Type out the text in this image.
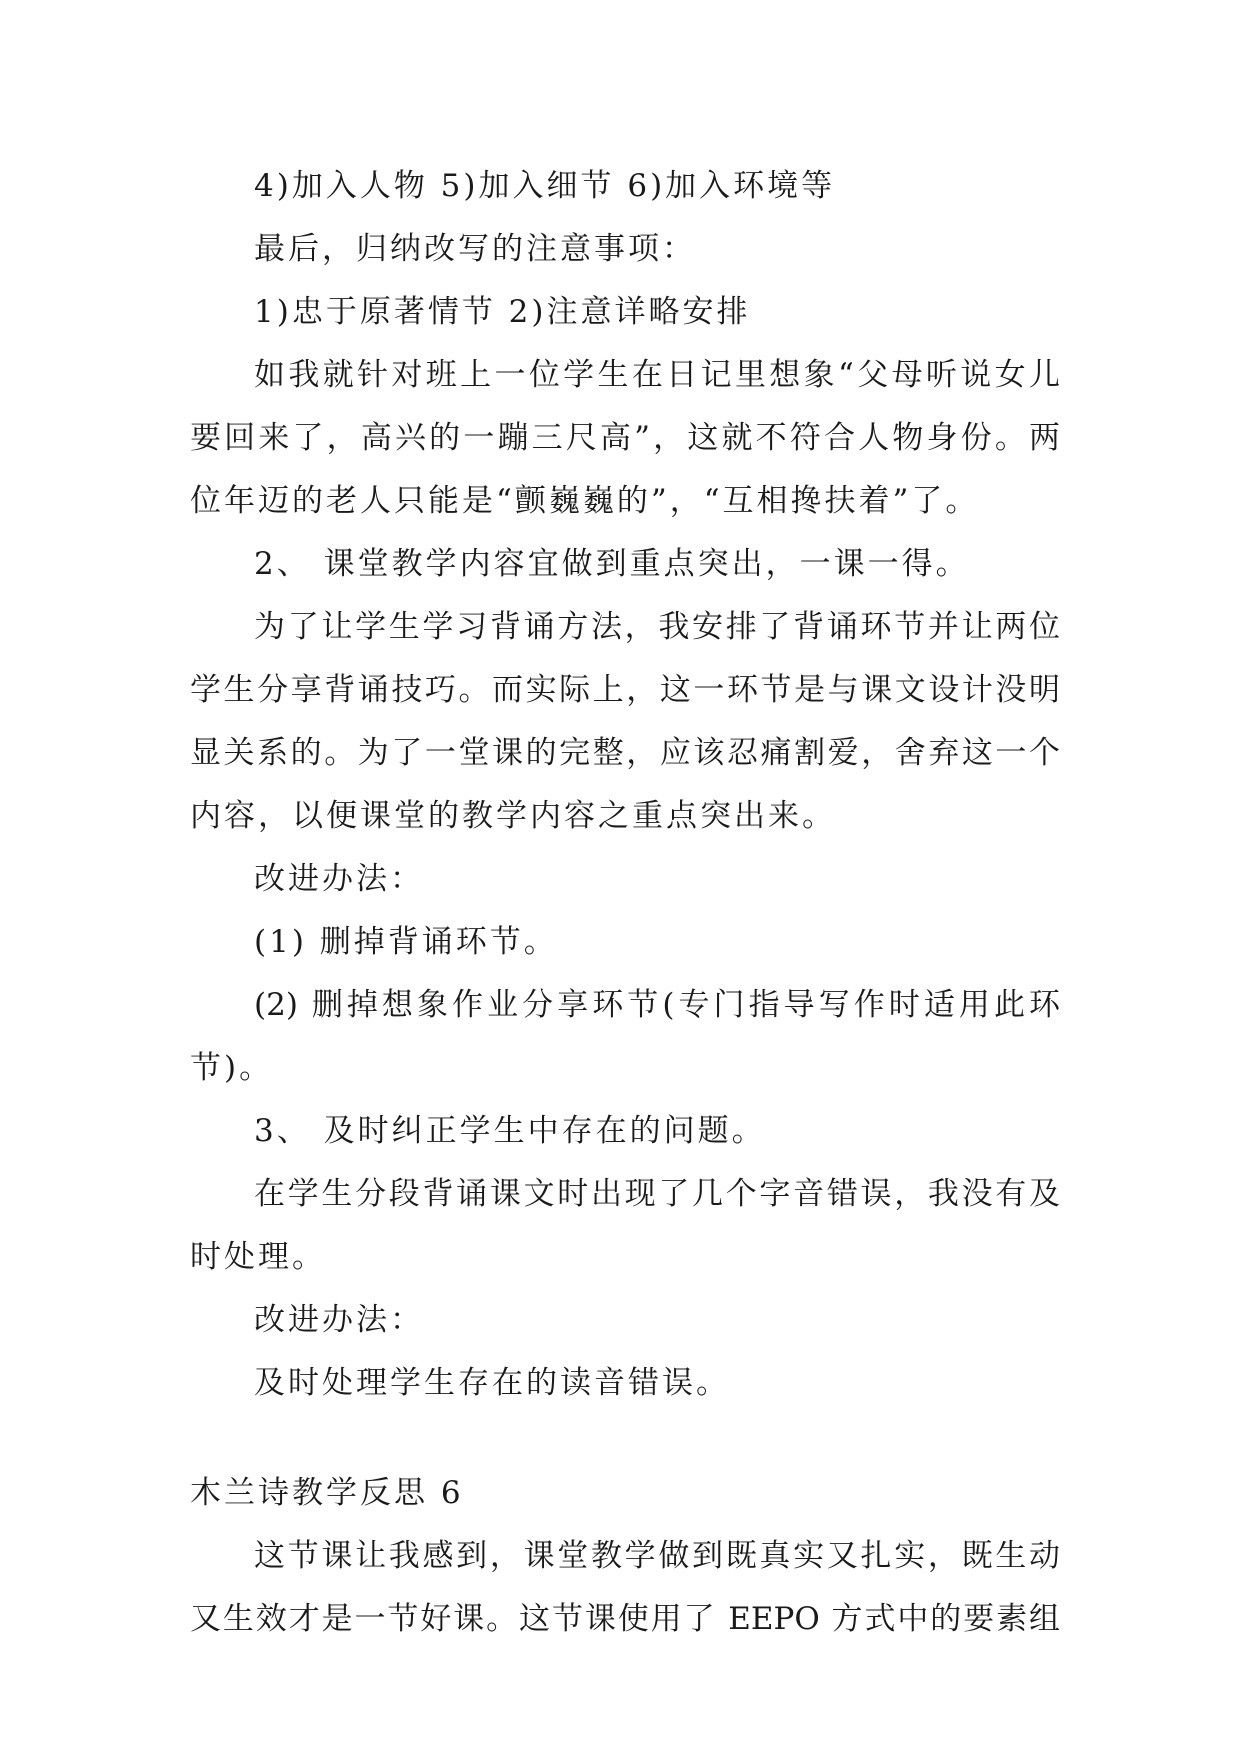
4)加入人物 5)加入细节 6)加入环境等
最后，归纳改写的注意事项：
1)忠于原著情节 2)注意详略安排
如我就针对班上一位学生在日记里想象“父母听说女儿
要回来了，高兴的一蹦三尺高”，这就不符合人物身份。两
位年迈的老人只能是“颤巍巍的”，“互相搀扶着”了。
2、 课堂教学内容宜做到重点突出，一课一得。
为了让学生学习背诵方法，我安排了背诵环节并让两位
学生分享背诵技巧。而实际上，这一环节是与课文设计没明
显关系的。为了一堂课的完整，应该忍痛割爱，舍弃这一个
内容，以便课堂的教学内容之重点突出来。
改进办法：
(1) 删掉背诵环节。
(2) 删掉想象作业分享环节(专门指导写作时适用此环
节)。
3、 及时纠正学生中存在的问题。
在学生分段背诵课文时出现了几个字音错误，我没有及
时处理。
改进办法：
及时处理学生存在的读音错误。
木兰诗教学反思 6
这节课让我感到，课堂教学做到既真实又扎实，既生动
又生效才是一节好课。这节课使用了 EEPO 方式中的要素组
